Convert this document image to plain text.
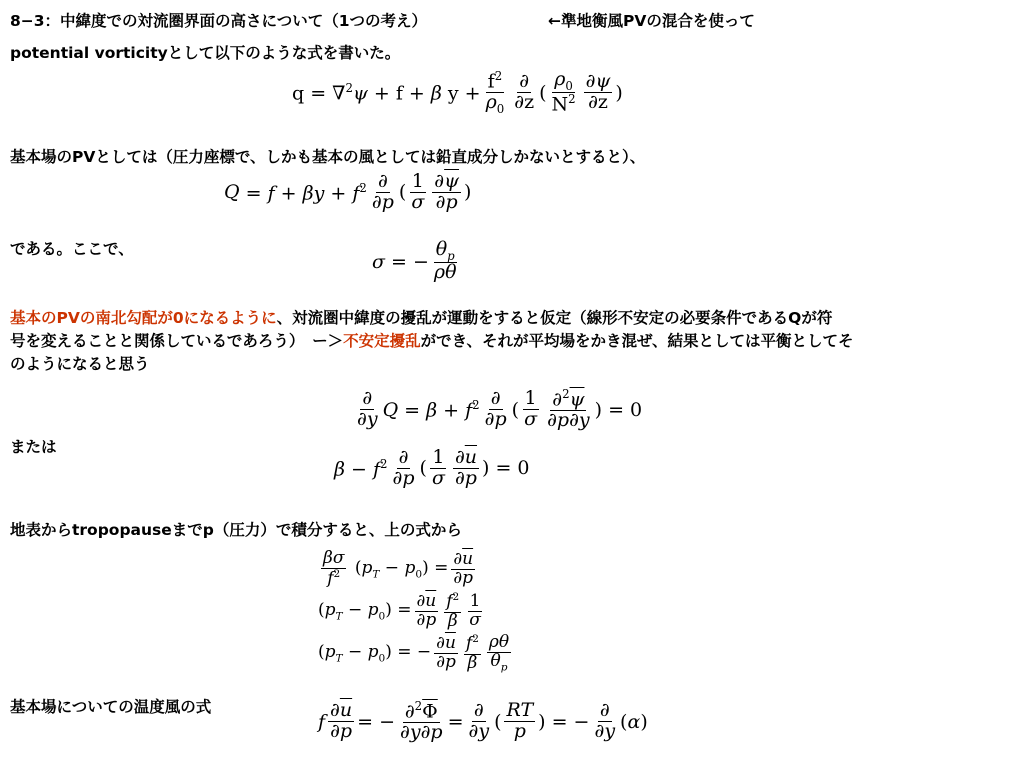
8−3：中緯度での対流圏界面の高さについて（1つの考え）	←準地衡風PVの混合を使って
potential vorticityとして以下のような式を書いた。
q = ∇$^2$ψ + f + β $y + \frac{f^2}{\rho_0} \frac{\partial}{\partial z}$ ( $\frac{\rho_0}{N^2} \frac{\partial\psi}{\partial z}$ )
基本場のPVとしては（圧力座標で、しかも基本の風としては鉛直成分しかないとすると）、
$Q = f + \beta y + f^2 \frac{\partial}{\partial p}$ ( $\frac{1}{\sigma} \frac{\partial\overline{\psi}}{\partial p}$ )
である。ここで、
σ = − $\frac{\theta_p}{\rho\theta}$
基本のPVの南北勾配が0になるように、対流圏中緯度の擾乱が運動をすると仮定（線形不安定の必要条件であるQが符
号を変えることと関係しているであろう）　ー＞不安定擾乱ができ、それが平均場をかき混ぜ、結果としては平衡としてそ
のようになると思う
$\frac{\partial}{\partial y}$ $Q = \beta + f^2 \frac{\partial}{\partial p}$ ( $\frac{1}{\sigma} \frac{\partial^2\overline{\psi}}{\partial p\partial y}$ ) = 0
または
$\beta - f^2 \frac{\partial}{\partial p}$ ( $\frac{1}{\sigma} \frac{\partial\overline{u}}{\partial p}$ ) = 0
地表からtropopauseまでp（圧力）で積分すると、上の式から
$\frac{\beta\sigma}{f^2} (p_T - p_0) = \frac{\partial\overline{u}}{\partial p}$
$(p_T - p_0) = \frac{\partial\overline{u}}{\partial p} \frac{f^2}{\beta} \frac{1}{\sigma}$
$(p_T - p_0)$ = − $\frac{\partial\overline{u}}{\partial p} \frac{f^2}{\beta} \frac{\rho\theta}{\theta_p}$
基本場についての温度風の式
f $\frac{\partial\overline{u}}{\partial p}$ = − $\frac{\partial^2\overline{\Phi}}{\partial y\partial p} = \frac{\partial}{\partial y}$ ( $\frac{RT}{p}$ ) = − $\frac{\partial}{\partial y} (\alpha)$
